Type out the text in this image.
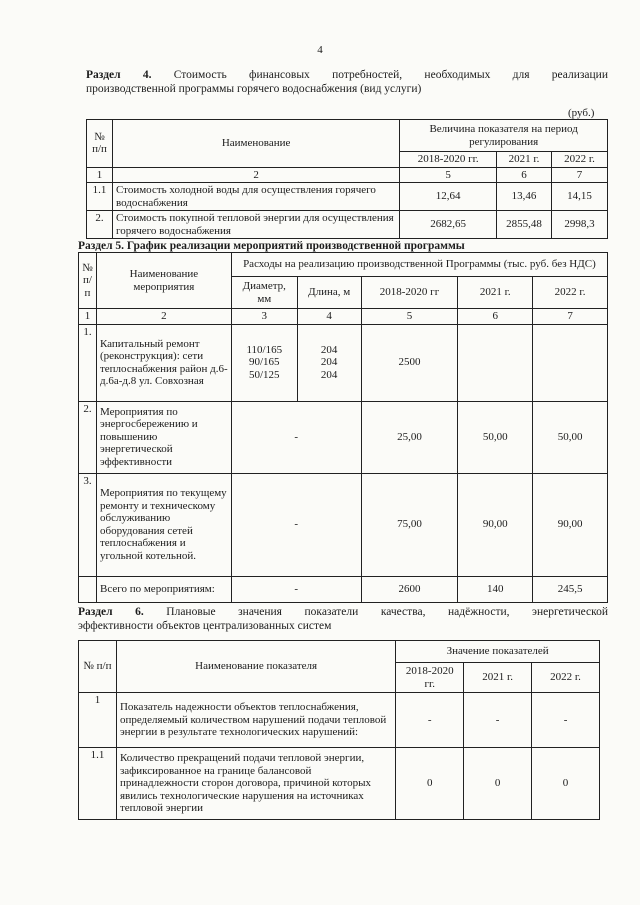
4
Раздел 4. Стоимость финансовых потребностей, необходимых для реализации
производственной программы горячего водоснабжения (вид услуги)
(руб.)
№ п/п	Наименование	Величина показателя на период регулирования		
		2018-2020 гг.	2021 г.	2022 г.
1	2	5	6	7
1.1	Стоимость холодной воды для осуществления горячего водоснабжения	12,64	13,46	14,15
2.	Стоимость покупной тепловой энергии для осуществления горячего водоснабжения	2682,65	2855,48	2998,3
Раздел 5. График реализации мероприятий производственной программы
№ п/п	Наименование мероприятия	Расходы на реализацию производственной Программы (тыс. руб. без НДС)				
		Диаметр, мм	Длина, м	2018-2020 гг	2021 г.	2022 г.
1	2	3	4	5	6	7
1.	Капитальный ремонт (реконструкция): сети теплоснабжения район д.6-д.6а-д.8 ул. Совхозная	110/165
90/165
50/125	204
204
204	2500		
2.	Мероприятия по энергосбережению и повышению энергетической эффективности	-		25,00	50,00	50,00
3.	Мероприятия по текущему ремонту и техническому обслуживанию оборудования сетей теплоснабжения и угольной котельной.	-		75,00	90,00	90,00
	Всего по мероприятиям:	-		2600	140	245,5
Раздел 6. Плановые значения показатели качества, надёжности, энергетической
эффективности объектов централизованных систем
№ п/п	Наименование показателя	Значение показателей		
		2018-2020 гг.	2021 г.	2022 г.
1	Показатель надежности объектов теплоснабжения, определяемый количеством нарушений подачи тепловой энергии в результате технологических нарушений:	-	-	-
1.1	Количество прекращений подачи тепловой энергии, зафиксированное на границе балансовой принадлежности сторон договора, причиной которых явились технологические нарушения на источниках тепловой энергии	0	0	0
